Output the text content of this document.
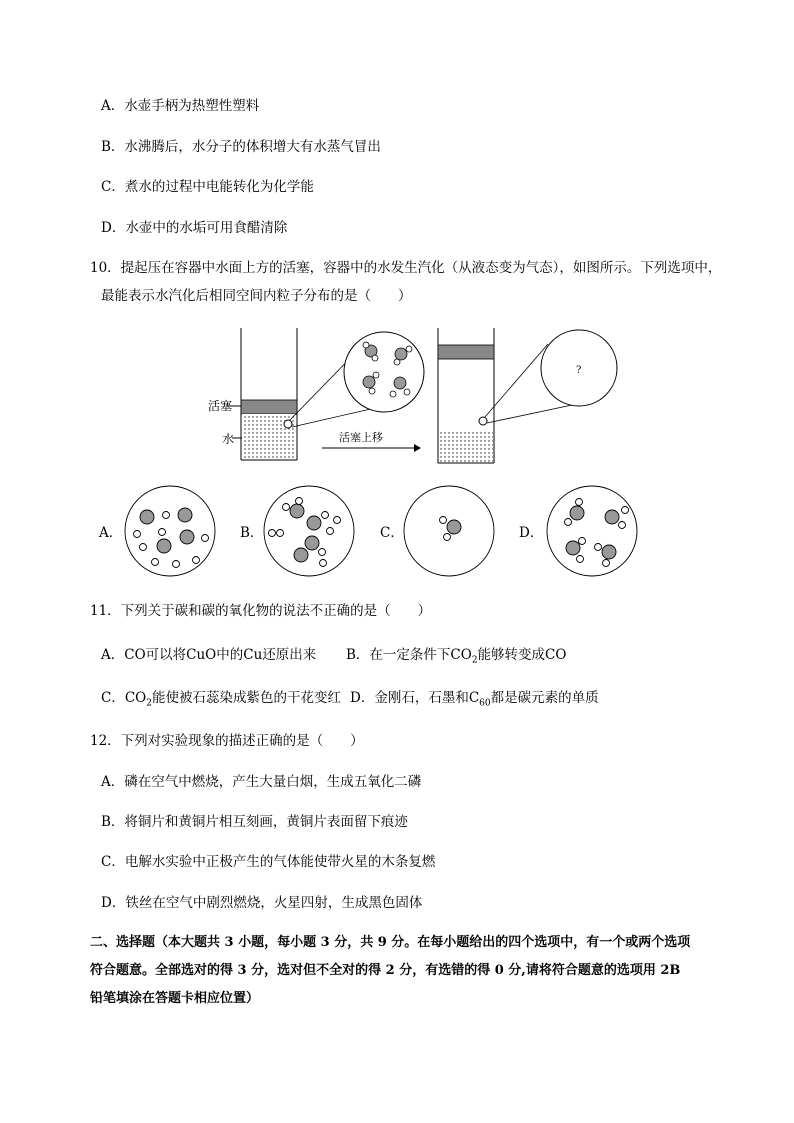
A．水壶手柄为热塑性塑料
B．水沸腾后，水分子的体积增大有水蒸气冒出
C．煮水的过程中电能转化为化学能
D．水壶中的水垢可用食醋清除
10．提起压在容器中水面上方的活塞，容器中的水发生汽化（从液态变为气态），如图所示。下列选项中，
最能表示水汽化后相同空间内粒子分布的是（　　）
活塞
水	活塞上移
?
A．	B．	C．	D．
11．下列关于碳和碳的氧化物的说法不正确的是（　　）
A．CO可以将CuO中的Cu还原出来 B．在一定条件下$CO_2$能够转变成CO
C．$CO_2$能使被石蕊染成紫色的干花变红 D．金刚石，石墨和$C_{60}$都是碳元素的单质
12．下列对实验现象的描述正确的是（　　）
A．磷在空气中燃烧，产生大量白烟，生成五氧化二磷
B．将铜片和黄铜片相互刻画，黄铜片表面留下痕迹
C．电解水实验中正极产生的气体能使带火星的木条复燃
D．铁丝在空气中剧烈燃烧，火星四射，生成黑色固体
二、选择题（本大题共 3 小题，每小题 3 分，共 9 分。在每小题给出的四个选项中，有一个或两个选项
符合题意。全部选对的得 3 分，选对但不全对的得 2 分，有选错的得 0 分,请将符合题意的选项用 2B
铅笔填涂在答题卡相应位置）
